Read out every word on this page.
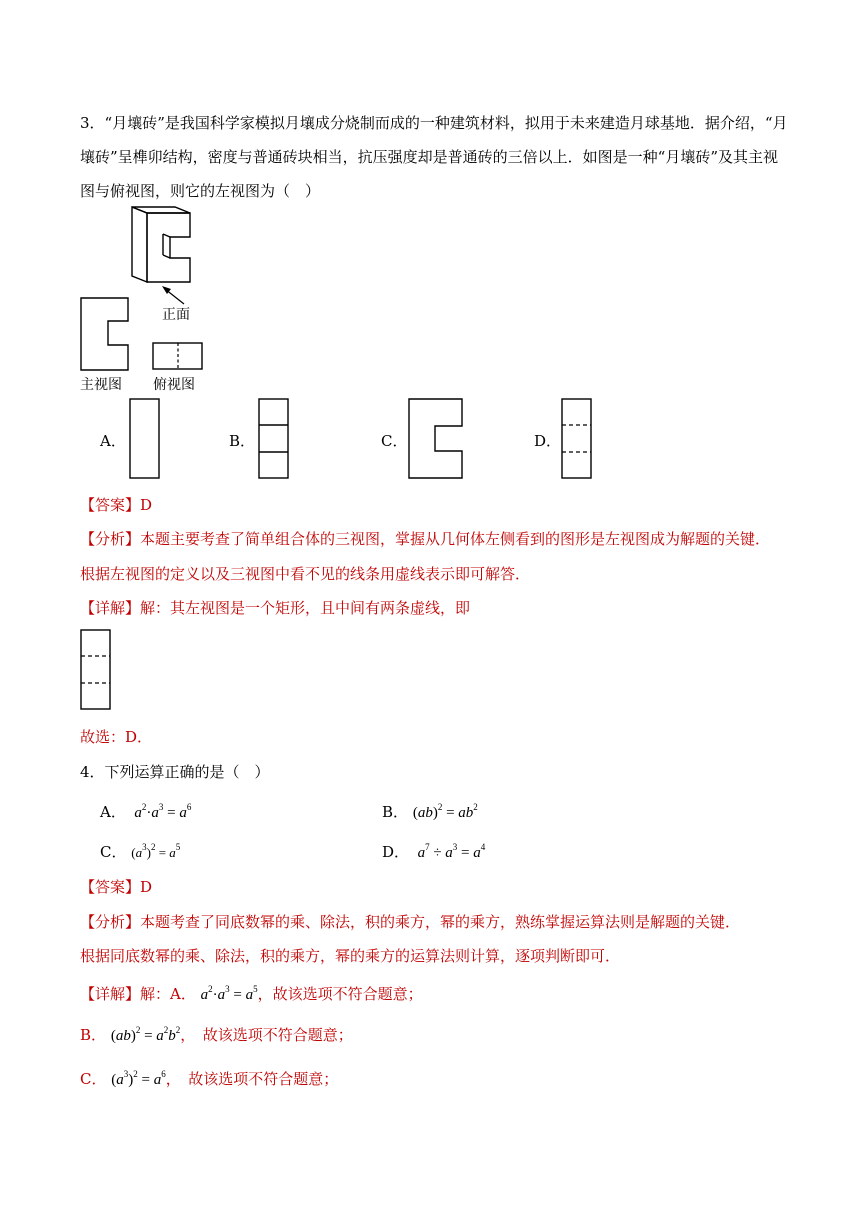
3．“月壤砖”是我国科学家模拟月壤成分烧制而成的一种建筑材料，拟用于未来建造月球基地．据介绍，“月
壤砖”呈榫卯结构，密度与普通砖块相当，抗压强度却是普通砖的三倍以上．如图是一种“月壤砖”及其主视
图与俯视图，则它的左视图为（　）
正面
主视图 俯视图
A．	B．	C．	D．
【答案】D
【分析】本题主要考查了简单组合体的三视图，掌握从几何体左侧看到的图形是左视图成为解题的关键．
根据左视图的定义以及三视图中看不见的线条用虚线表示即可解答．
【详解】解：其左视图是一个矩形，且中间有两条虚线，即
故选：D．
4．下列运算正确的是（　）
A．  $a^2\cdot a^3 = a^6$	B． $(ab)^2 = ab^2$
C． $(a^3)^2 = a^5$	D．  $a^7 \div a^3 = a^4$
【答案】D
【分析】本题考查了同底数幂的乘、除法，积的乘方，幂的乘方，熟练掌握运算法则是解题的关键．
根据同底数幂的乘、除法，积的乘方，幂的乘方的运算法则计算，逐项判断即可．
【详解】解：A． $a^2\cdot a^3 = a^5$，故该选项不符合题意；
B． $(ab)^2 = a^2b^2$，　故该选项不符合题意；
C． $(a^3)^2 = a^6$，　故该选项不符合题意；
